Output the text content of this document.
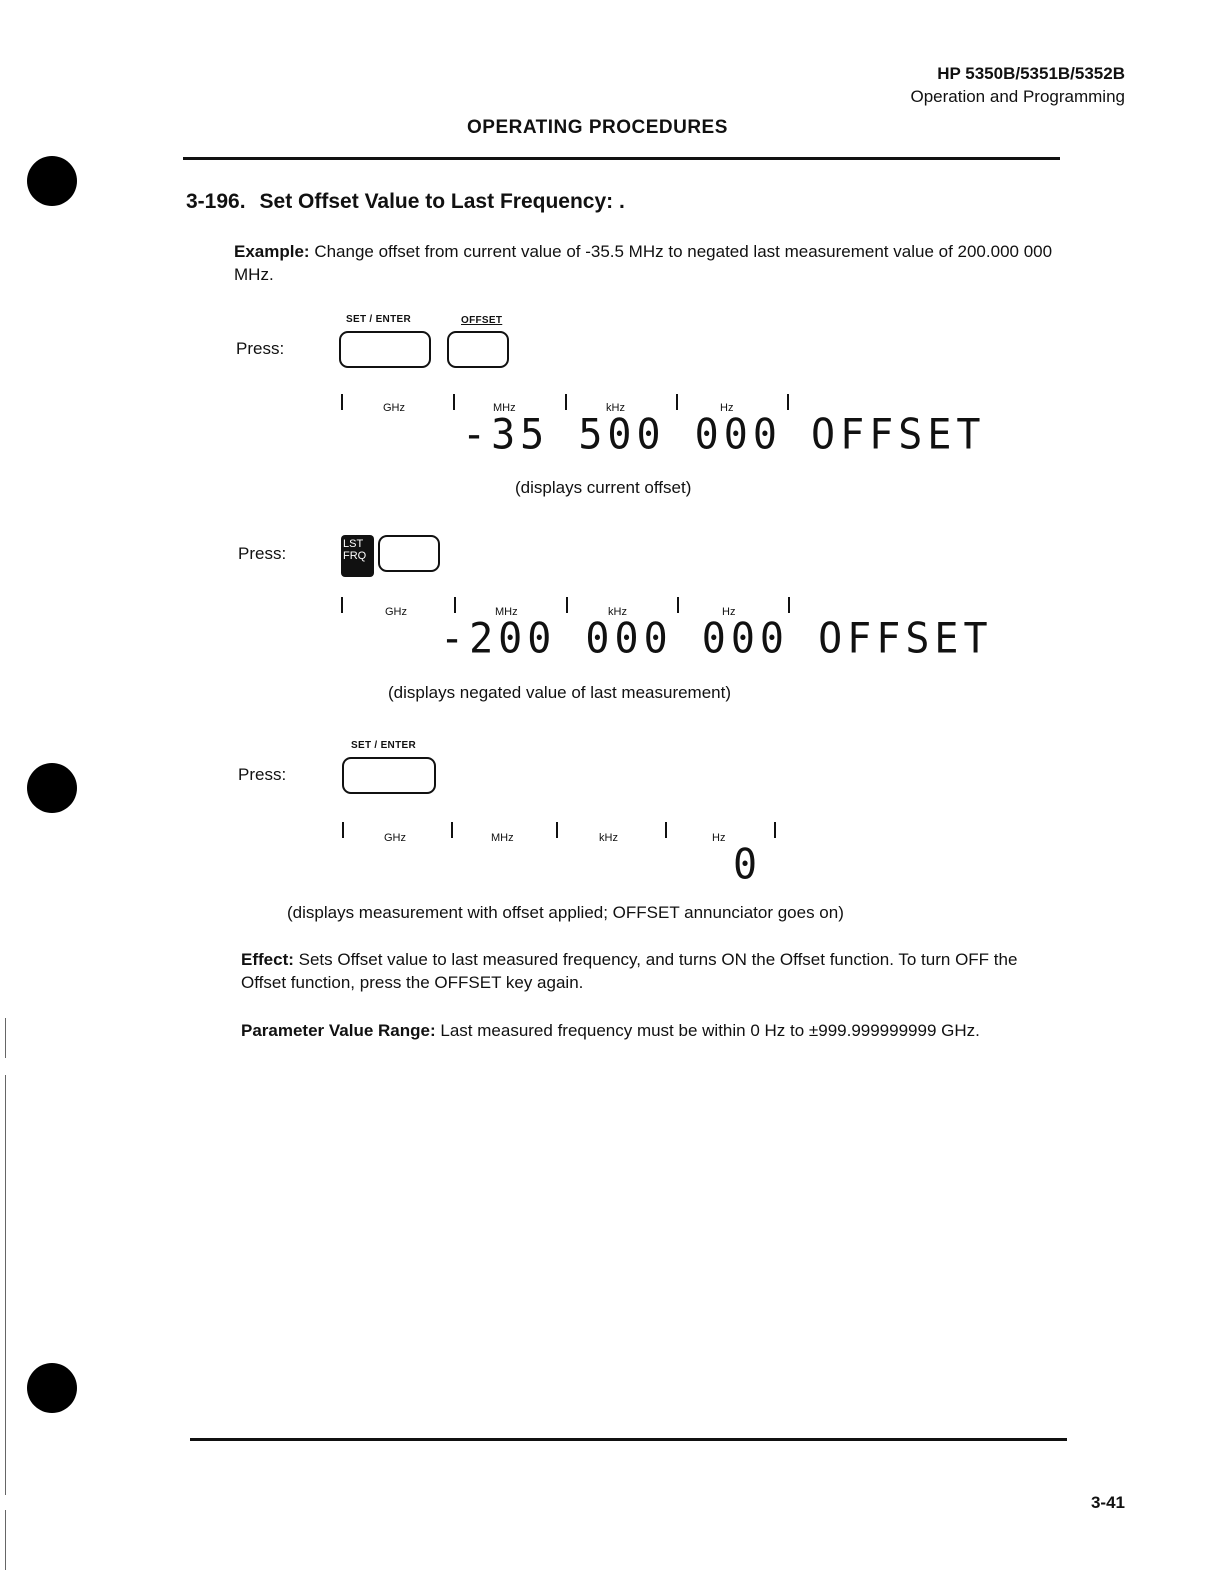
HP 5350B/5351B/5352B
Operation and Programming
OPERATING PROCEDURES
3-196. Set Offset Value to Last Frequency: .
Example: Change offset from current value of -35.5 MHz to negated last measurement value of 200.000 000 MHz.
Press:
SET / ENTER	OFFSET
GHz	MHz	kHz	Hz
-35 500 000 OFFSET
(displays current offset)
Press:	LST
FRQ
GHz	MHz	kHz	Hz
-200 000 000 OFFSET
(displays negated value of last measurement)
Press:
SET / ENTER
GHz	MHz	kHz	Hz
0
(displays measurement with offset applied; OFFSET annunciator goes on)
Effect: Sets Offset value to last measured frequency, and turns ON the Offset function. To turn OFF the Offset function, press the OFFSET key again.
Parameter Value Range: Last measured frequency must be within 0 Hz to ±999.999999999 GHz.
3-41
